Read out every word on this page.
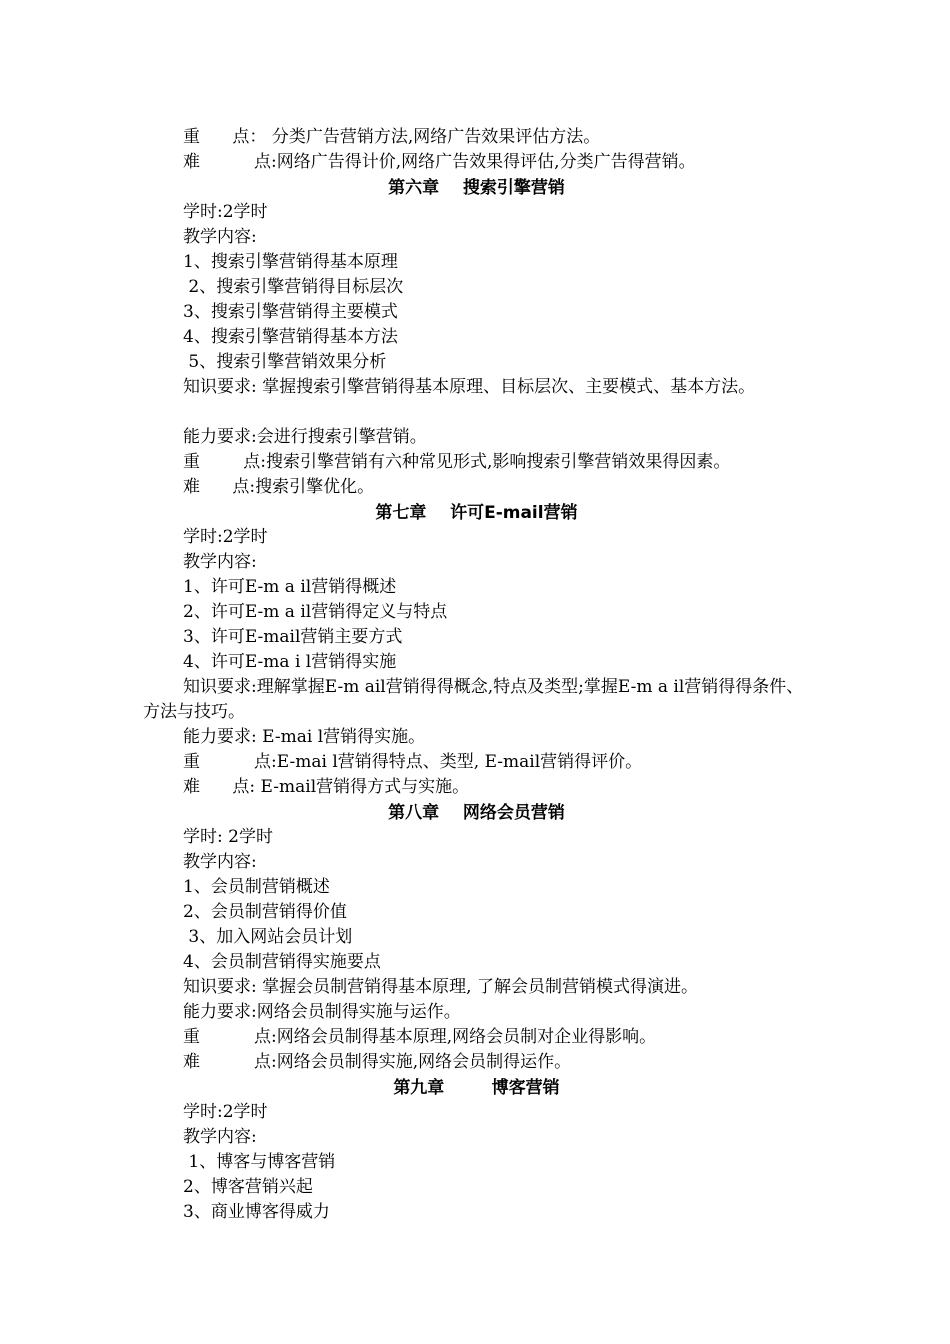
重      点： 分类广告营销方法,网络广告效果评估方法。
难          点:网络广告得计价,网络广告效果得评估,分类广告得营销。
第六章    搜索引擎营销
学时:2学时
教学内容:
1、搜索引擎营销得基本原理
2、搜索引擎营销得目标层次
3、搜索引擎营销得主要模式
4、搜索引擎营销得基本方法
5、搜索引擎营销效果分析
知识要求: 掌握搜索引擎营销得基本原理、目标层次、主要模式、基本方法。
能力要求:会进行搜索引擎营销。
重        点:搜索引擎营销有六种常见形式,影响搜索引擎营销效果得因素。
难      点:搜索引擎优化。
第七章    许可E-mail营销
学时:2学时
教学内容:
1、许可E-m a il营销得概述
2、许可E-m a il营销得定义与特点
3、许可E-mail营销主要方式
4、许可E-ma i l营销得实施
知识要求:理解掌握E-m ail营销得得概念,特点及类型;掌握E-m a il营销得得条件、方法与技巧。
能力要求: E-mai l营销得实施。
重          点:E-mai l营销得特点、类型, E-mail营销得评价。
难      点: E-mail营销得方式与实施。
第八章    网络会员营销
学时: 2学时
教学内容:
1、会员制营销概述
2、会员制营销得价值
3、加入网站会员计划
4、会员制营销得实施要点
知识要求: 掌握会员制营销得基本原理, 了解会员制营销模式得演进。
能力要求:网络会员制得实施与运作。
重          点:网络会员制得基本原理,网络会员制对企业得影响。
难          点:网络会员制得实施,网络会员制得运作。
第九章        博客营销
学时:2学时
教学内容:
1、博客与博客营销
2、博客营销兴起
3、商业博客得威力
